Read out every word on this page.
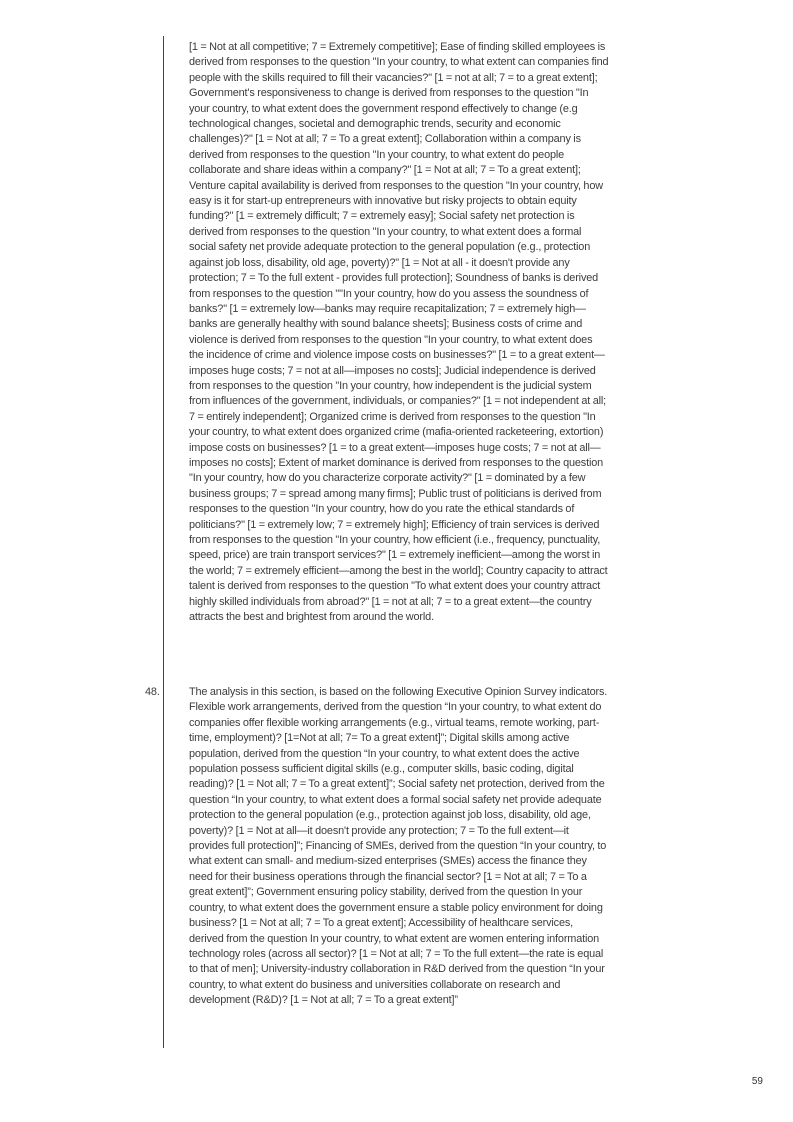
[1 = Not at all competitive; 7 = Extremely competitive]; Ease of finding skilled employees is derived from responses to the question "In your country, to what extent can companies find people with the skills required to fill their vacancies?" [1 = not at all; 7 = to a great extent]; Government's responsiveness to change is derived from responses to the question "In your country, to what extent does the government respond effectively to change (e.g technological changes, societal and demographic trends, security and economic challenges)?" [1 = Not at all; 7 = To a great extent]; Collaboration within a company is derived from responses to the question "In your country, to what extent do people collaborate and share ideas within a company?" [1 = Not at all; 7 = To a great extent]; Venture capital availability is derived from responses to the question "In your country, how easy is it for start-up entrepreneurs with innovative but risky projects to obtain equity funding?" [1 = extremely difficult; 7 = extremely easy]; Social safety net protection is derived from responses to the question "In your country, to what extent does a formal social safety net provide adequate protection to the general population (e.g., protection against job loss, disability, old age, poverty)?" [1 = Not at all - it doesn't provide any protection; 7 = To the full extent - provides full protection]; Soundness of banks is derived from responses to the question ""In your country, how do you assess the soundness of banks?" [1 = extremely low—banks may require recapitalization; 7 = extremely high—banks are generally healthy with sound balance sheets]; Business costs of crime and violence is derived from responses to the question "In your country, to what extent does the incidence of crime and violence impose costs on businesses?" [1 = to a great extent—imposes huge costs; 7 = not at all—imposes no costs]; Judicial independence is derived from responses to the question "In your country, how independent is the judicial system from influences of the government, individuals, or companies?" [1 = not independent at all; 7 = entirely independent]; Organized crime is derived from responses to the question "In your country, to what extent does organized crime (mafia-oriented racketeering, extortion) impose costs on businesses? [1 = to a great extent—imposes huge costs; 7 = not at all—imposes no costs]; Extent of market dominance is derived from responses to the question "In your country, how do you characterize corporate activity?" [1 = dominated by a few business groups; 7 = spread among many firms]; Public trust of politicians is derived from responses to the question "In your country, how do you rate the ethical standards of politicians?" [1 = extremely low; 7 = extremely high]; Efficiency of train services is derived from responses to the question "In your country, how efficient (i.e., frequency, punctuality, speed, price) are train transport services?" [1 = extremely inefficient—among the worst in the world; 7 = extremely efficient—among the best in the world]; Country capacity to attract talent is derived from responses to the question "To what extent does your country attract highly skilled individuals from abroad?" [1 = not at all; 7 = to a great extent—the country attracts the best and brightest from around the world.

48.	The analysis in this section, is based on the following Executive Opinion Survey indicators. Flexible work arrangements, derived from the question “In your country, to what extent do companies offer flexible working arrangements (e.g., virtual teams, remote working, part-time, employment)? [1=Not at all; 7= To a great extent]”; Digital skills among active population, derived from the question “In your country, to what extent does the active population possess sufficient digital skills (e.g., computer skills, basic coding, digital reading)? [1 = Not all; 7 = To a great extent]”; Social safety net protection, derived from the question “In your country, to what extent does a formal social safety net provide adequate protection to the general population (e.g., protection against job loss, disability, old age, poverty)? [1 = Not at all—it doesn't provide any protection; 7 = To the full extent—it provides full protection]”; Financing of SMEs, derived from the question “In your country, to what extent can small- and medium-sized enterprises (SMEs) access the finance they need for their business operations through the financial sector? [1 = Not at all; 7 = To a great extent]”; Government ensuring policy stability, derived from the question In your country, to what extent does the government ensure a stable policy environment for doing business? [1 = Not at all; 7 = To a great extent]; Accessibility of healthcare services, derived from the question In your country, to what extent are women entering information technology roles (across all sector)? [1 = Not at all; 7 = To the full extent—the rate is equal to that of men]; University-industry collaboration in R&D derived from the question “In your country, to what extent do business and universities collaborate on research and development (R&D)? [1 = Not at all; 7 = To a great extent]”

59
